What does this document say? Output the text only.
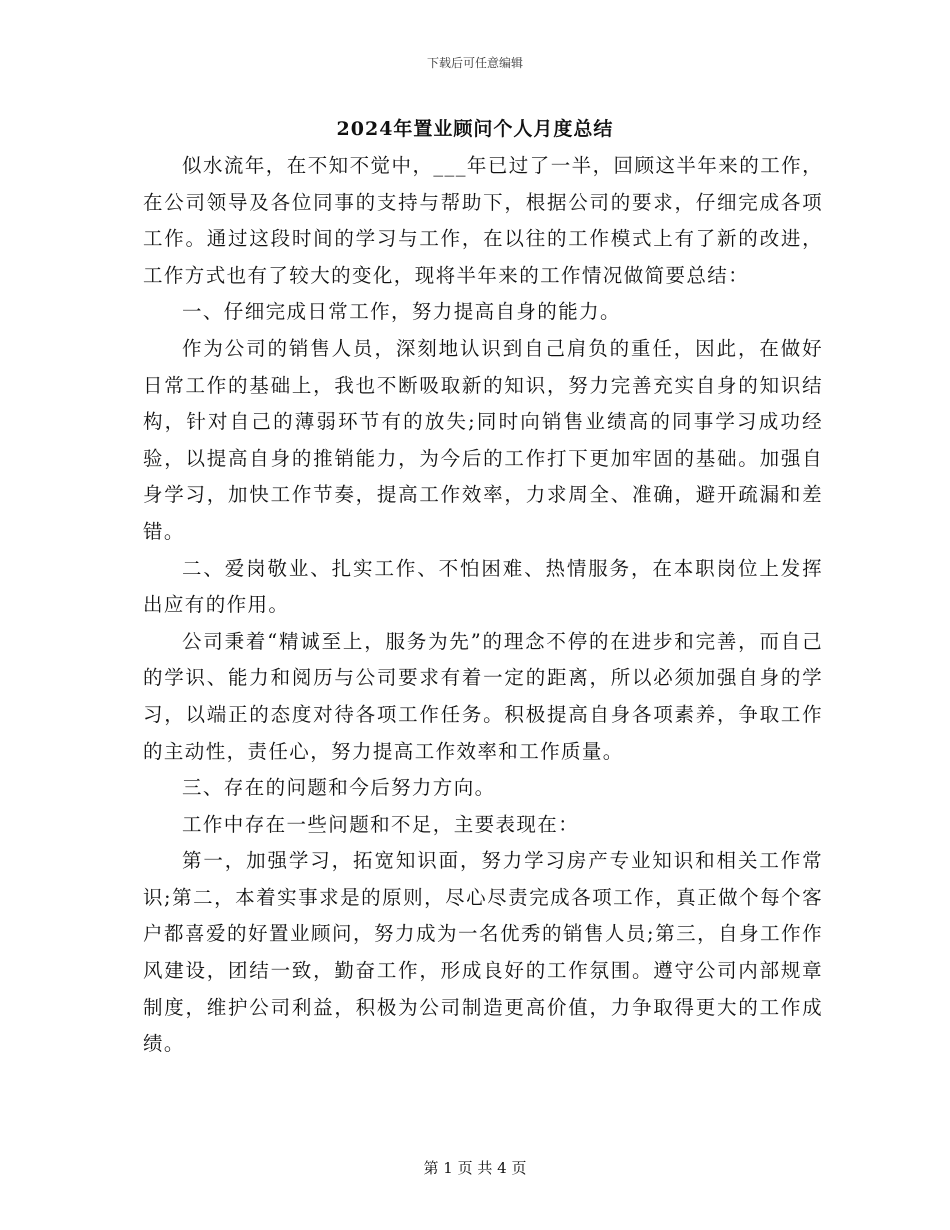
下载后可任意编辑
2024年置业顾问个人月度总结

似水流年，在不知不觉中，___年已过了一半，回顾这半年来的工作，在公司领导及各位同事的支持与帮助下，根据公司的要求，仔细完成各项工作。通过这段时间的学习与工作，在以往的工作模式上有了新的改进，工作方式也有了较大的变化，现将半年来的工作情况做简要总结：

一、仔细完成日常工作，努力提高自身的能力。

作为公司的销售人员，深刻地认识到自己肩负的重任，因此，在做好日常工作的基础上，我也不断吸取新的知识，努力完善充实自身的知识结构，针对自己的薄弱环节有的放失;同时向销售业绩高的同事学习成功经验，以提高自身的推销能力，为今后的工作打下更加牢固的基础。加强自身学习，加快工作节奏，提高工作效率，力求周全、准确，避开疏漏和差错。

二、爱岗敬业、扎实工作、不怕困难、热情服务，在本职岗位上发挥出应有的作用。

公司秉着“精诚至上，服务为先”的理念不停的在进步和完善，而自己的学识、能力和阅历与公司要求有着一定的距离，所以必须加强自身的学习，以端正的态度对待各项工作任务。积极提高自身各项素养，争取工作的主动性，责任心，努力提高工作效率和工作质量。

三、存在的问题和今后努力方向。

工作中存在一些问题和不足，主要表现在：

第一，加强学习，拓宽知识面，努力学习房产专业知识和相关工作常识;第二，本着实事求是的原则，尽心尽责完成各项工作，真正做个每个客户都喜爱的好置业顾问，努力成为一名优秀的销售人员;第三，自身工作作风建设，团结一致，勤奋工作，形成良好的工作氛围。遵守公司内部规章制度，维护公司利益，积极为公司制造更高价值，力争取得更大的工作成绩。

第 1 页 共 4 页
